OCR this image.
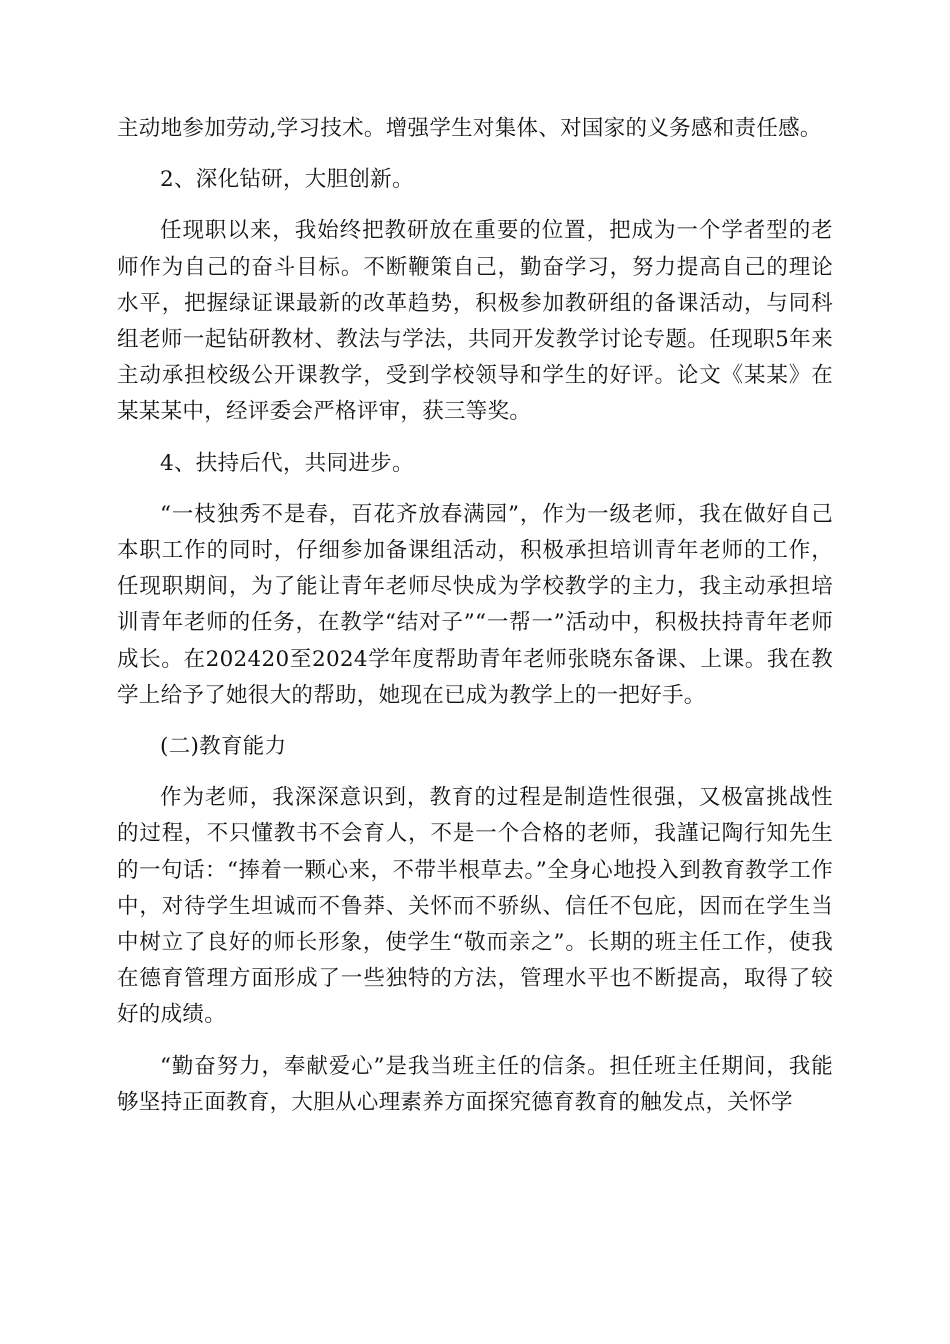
主动地参加劳动,学习技术。增强学生对集体、对国家的义务感和责任感。

2、深化钻研，大胆创新。

任现职以来，我始终把教研放在重要的位置，把成为一个学者型的老师作为自己的奋斗目标。不断鞭策自己，勤奋学习，努力提高自己的理论水平，把握绿证课最新的改革趋势，积极参加教研组的备课活动，与同科组老师一起钻研教材、教法与学法，共同开发教学讨论专题。任现职5年来主动承担校级公开课教学，受到学校领导和学生的好评。论文《某某》在某某某中，经评委会严格评审，获三等奖。

4、扶持后代，共同进步。

“一枝独秀不是春，百花齐放春满园”，作为一级老师，我在做好自己本职工作的同时，仔细参加备课组活动，积极承担培训青年老师的工作，任现职期间，为了能让青年老师尽快成为学校教学的主力，我主动承担培训青年老师的任务，在教学“结对子”“一帮一”活动中，积极扶持青年老师成长。在202420至2024学年度帮助青年老师张晓东备课、上课。我在教学上给予了她很大的帮助，她现在已成为教学上的一把好手。

(二)教育能力

作为老师，我深深意识到，教育的过程是制造性很强，又极富挑战性的过程，不只懂教书不会育人，不是一个合格的老师，我謹记陶行知先生的一句话：“捧着一颗心来，不带半根草去。”全身心地投入到教育教学工作中，对待学生坦诚而不鲁莽、关怀而不骄纵、信任不包庇，因而在学生当中树立了良好的师长形象，使学生“敬而亲之”。长期的班主任工作，使我在德育管理方面形成了一些独特的方法，管理水平也不断提高，取得了较好的成绩。

“勤奋努力，奉献爱心”是我当班主任的信条。担任班主任期间，我能够坚持正面教育，大胆从心理素养方面探究德育教育的触发点，关怀学
